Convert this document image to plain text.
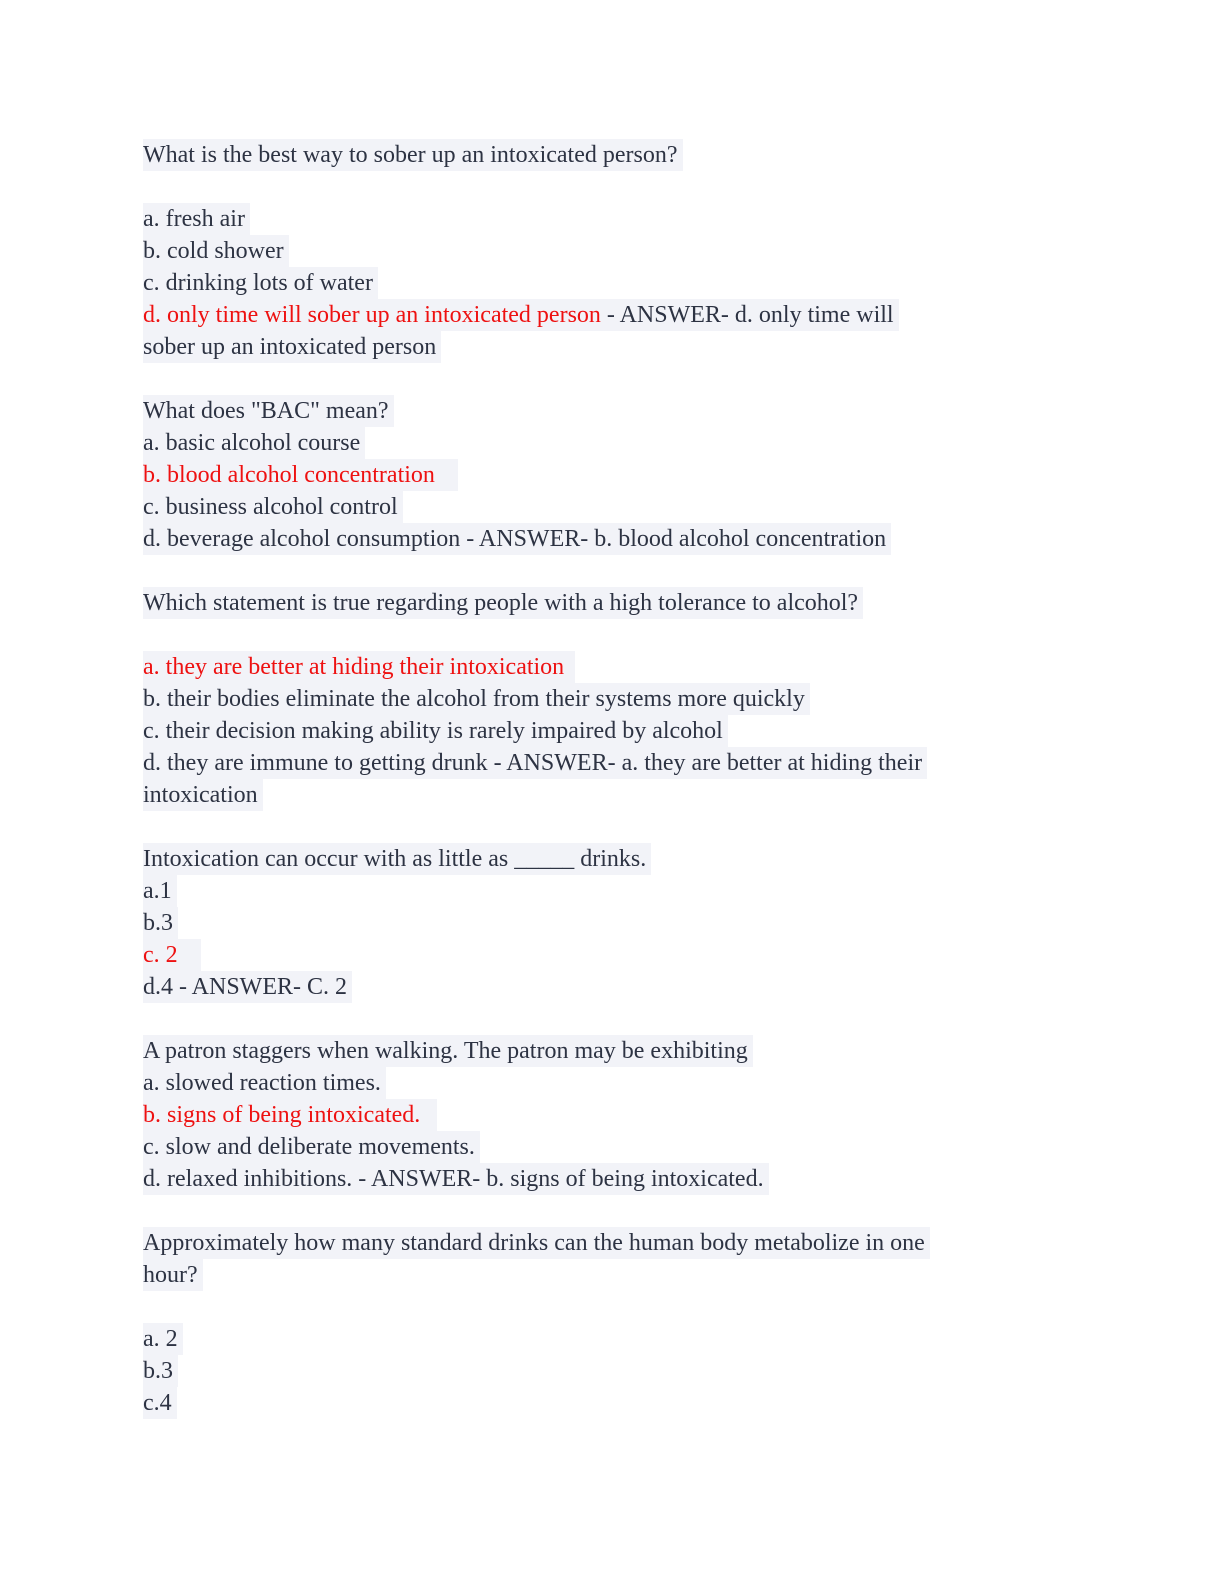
What is the best way to sober up an intoxicated person?
a. fresh air
b. cold shower
c. drinking lots of water
d. only time will sober up an intoxicated person - ANSWER- d. only time will
sober up an intoxicated person
What does "BAC" mean?
a. basic alcohol course
b. blood alcohol concentration
c. business alcohol control
d. beverage alcohol consumption - ANSWER- b. blood alcohol concentration
Which statement is true regarding people with a high tolerance to alcohol?
a. they are better at hiding their intoxication
b. their bodies eliminate the alcohol from their systems more quickly
c. their decision making ability is rarely impaired by alcohol
d. they are immune to getting drunk - ANSWER- a. they are better at hiding their
intoxication
Intoxication can occur with as little as _____ drinks.
a.1
b.3
c. 2
d.4 - ANSWER- C. 2
A patron staggers when walking. The patron may be exhibiting
a. slowed reaction times.
b. signs of being intoxicated.
c. slow and deliberate movements.
d. relaxed inhibitions. - ANSWER- b. signs of being intoxicated.
Approximately how many standard drinks can the human body metabolize in one
hour?
a. 2
b.3
c.4
